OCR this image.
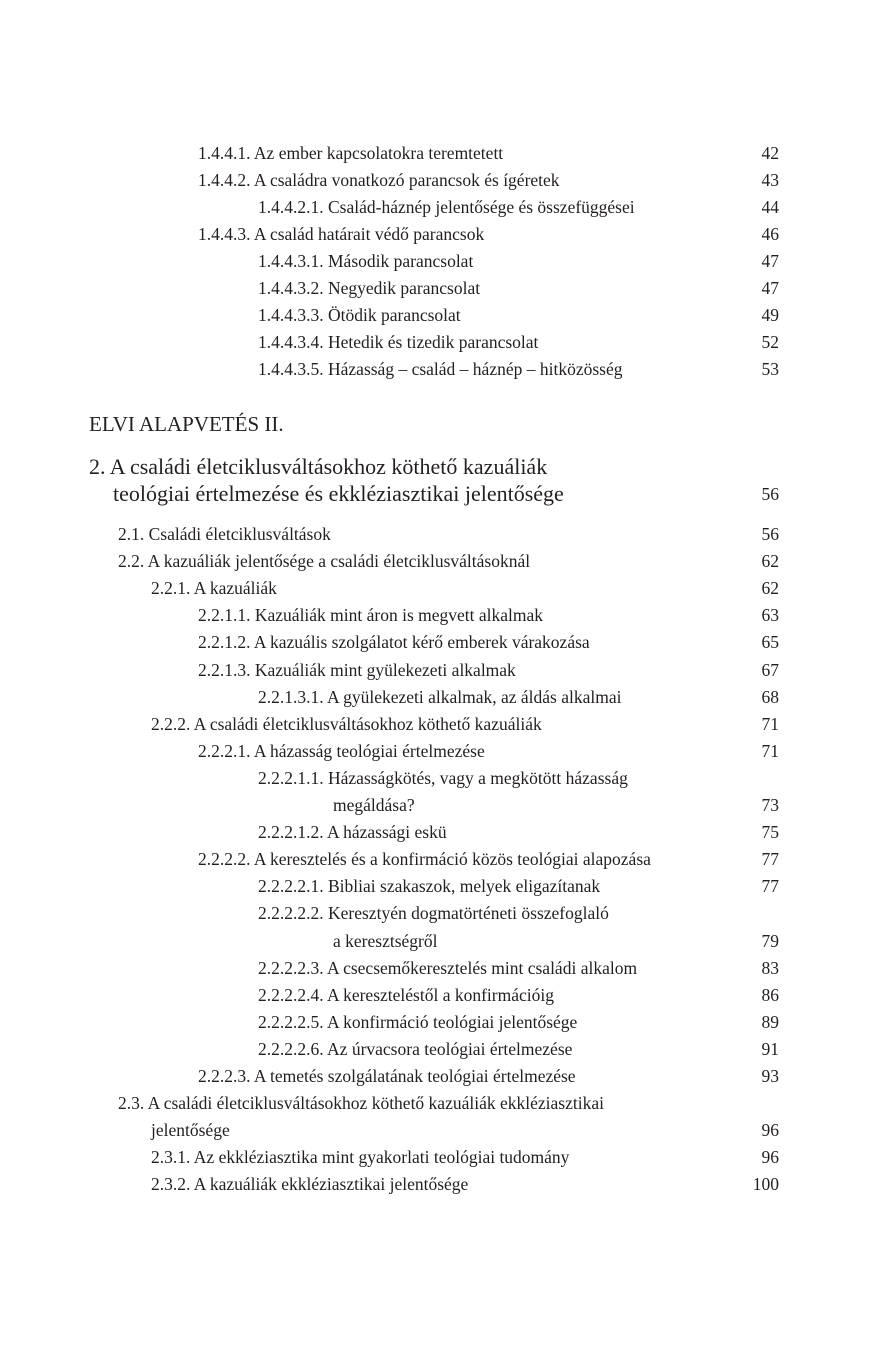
1.4.4.1. Az ember kapcsolatokra teremtetett	42
1.4.4.2. A családra vonatkozó parancsok és ígéretek	43
1.4.4.2.1. Család-háznép jelentősége és összefüggései	44
1.4.4.3. A család határait védő parancsok	46
1.4.4.3.1. Második parancsolat	47
1.4.4.3.2. Negyedik parancsolat	47
1.4.4.3.3. Ötödik parancsolat	49
1.4.4.3.4. Hetedik és tizedik parancsolat	52
1.4.4.3.5. Házasság – család – háznép – hitközösség	53
ELVI ALAPVETÉS II.
2. A családi életciklusváltásokhoz köthető kazuáliák
teológiai értelmezése és ekkléziasztikai jelentősége	56
2.1. Családi életciklusváltások	56
2.2. A kazuáliák jelentősége a családi életciklusváltásoknál	62
2.2.1. A kazuáliák	62
2.2.1.1. Kazuáliák mint áron is megvett alkalmak	63
2.2.1.2. A kazuális szolgálatot kérő emberek várakozása	65
2.2.1.3. Kazuáliák mint gyülekezeti alkalmak	67
2.2.1.3.1. A gyülekezeti alkalmak, az áldás alkalmai	68
2.2.2. A családi életciklusváltásokhoz köthető kazuáliák	71
2.2.2.1. A házasság teológiai értelmezése	71
2.2.2.1.1. Házasságkötés, vagy a megkötött házasság
megáldása?	73
2.2.2.1.2. A házassági eskü	75
2.2.2.2. A keresztelés és a konfirmáció közös teológiai alapozása	77
2.2.2.2.1. Bibliai szakaszok, melyek eligazítanak	77
2.2.2.2.2. Keresztyén dogmatörténeti összefoglaló
a keresztségről	79
2.2.2.2.3. A csecsemőkeresztelés mint családi alkalom	83
2.2.2.2.4. A kereszteléstől a konfirmációig	86
2.2.2.2.5. A konfirmáció teológiai jelentősége	89
2.2.2.2.6. Az úrvacsora teológiai értelmezése	91
2.2.2.3. A temetés szolgálatának teológiai értelmezése	93
2.3. A családi életciklusváltásokhoz köthető kazuáliák ekkléziasztikai
jelentősége	96
2.3.1. Az ekkléziasztika mint gyakorlati teológiai tudomány	96
2.3.2. A kazuáliák ekkléziasztikai jelentősége	100
